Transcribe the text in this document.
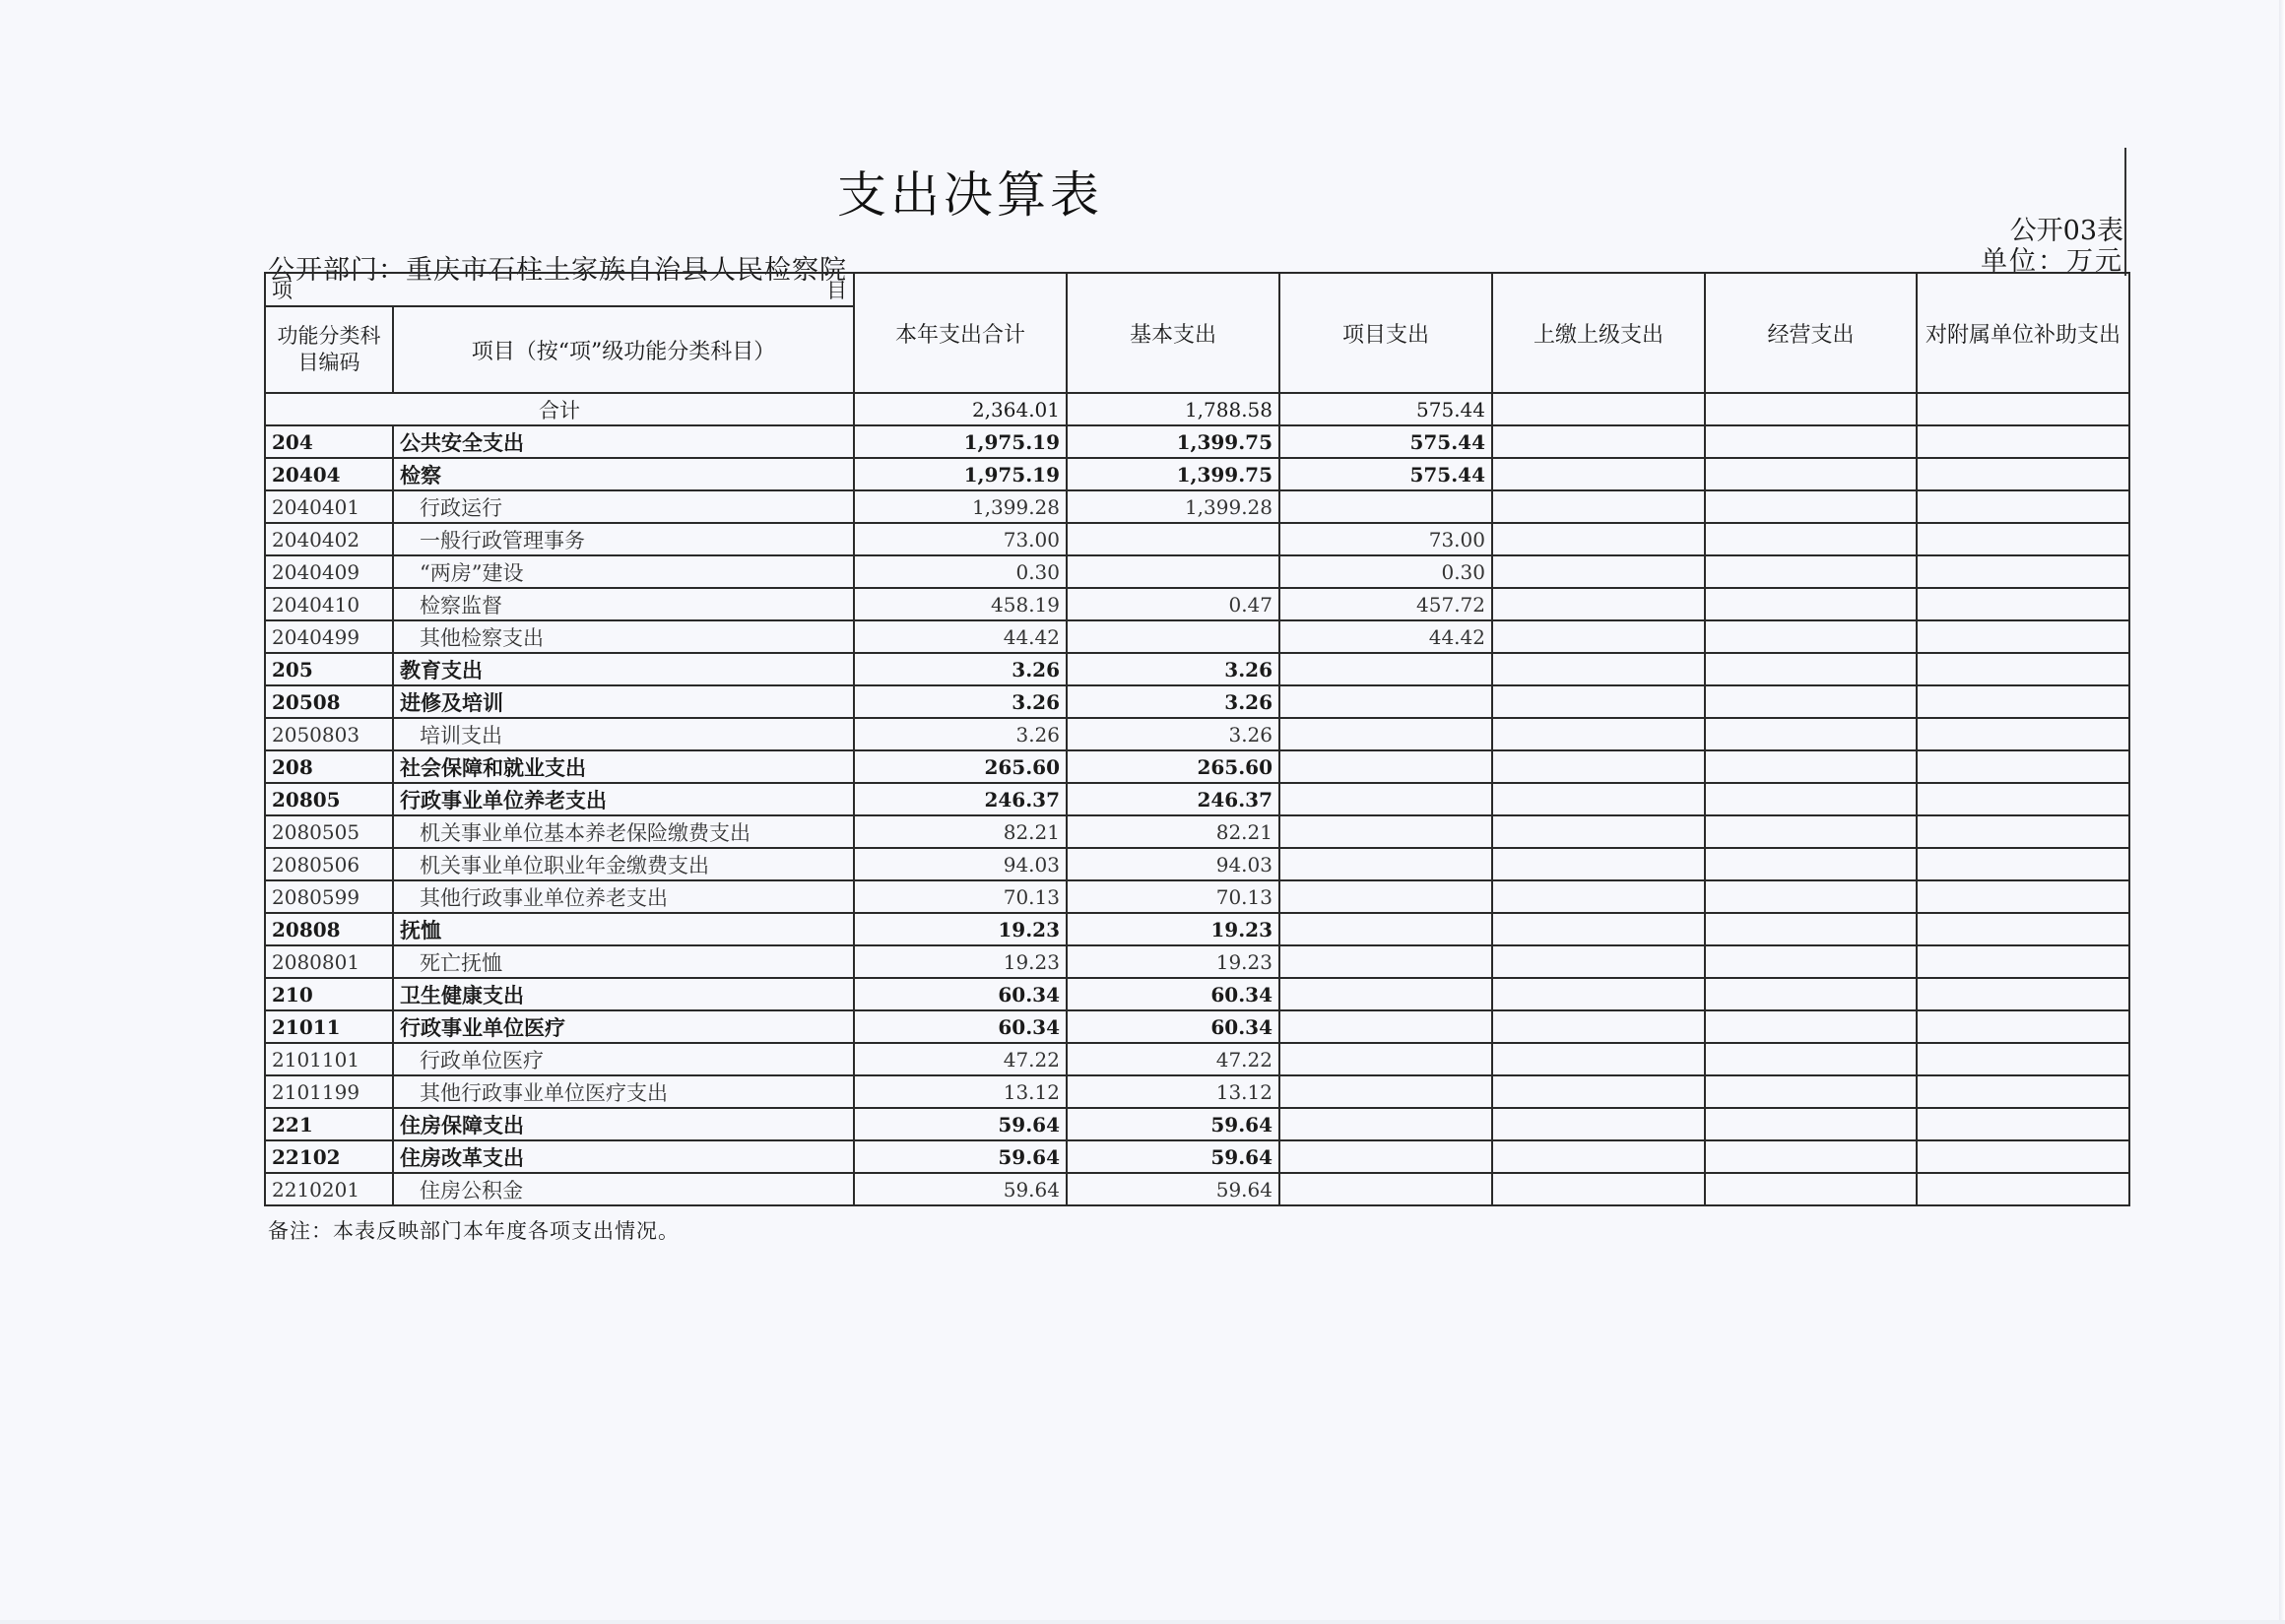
支出决算表
公开03表
单位：万元
公开部门：重庆市石柱土家族自治县人民检察院
项 目		本年支出合计	基本支出	项目支出	上缴上级支出	经营支出	对附属单位补助支出
功能分类科目编码	项目（按“项”级功能分类科目）						
合计		2,364.01	1,788.58	575.44			
204	公共安全支出	1,975.19	1,399.75	575.44			
20404	检察	1,975.19	1,399.75	575.44			
2040401	行政运行	1,399.28	1,399.28				
2040402	一般行政管理事务	73.00		73.00			
2040409	“两房”建设	0.30		0.30			
2040410	检察监督	458.19	0.47	457.72			
2040499	其他检察支出	44.42		44.42			
205	教育支出	3.26	3.26				
20508	进修及培训	3.26	3.26				
2050803	培训支出	3.26	3.26				
208	社会保障和就业支出	265.60	265.60				
20805	行政事业单位养老支出	246.37	246.37				
2080505	机关事业单位基本养老保险缴费支出	82.21	82.21				
2080506	机关事业单位职业年金缴费支出	94.03	94.03				
2080599	其他行政事业单位养老支出	70.13	70.13				
20808	抚恤	19.23	19.23				
2080801	死亡抚恤	19.23	19.23				
210	卫生健康支出	60.34	60.34				
21011	行政事业单位医疗	60.34	60.34				
2101101	行政单位医疗	47.22	47.22				
2101199	其他行政事业单位医疗支出	13.12	13.12				
221	住房保障支出	59.64	59.64				
22102	住房改革支出	59.64	59.64				
2210201	住房公积金	59.64	59.64				
备注：本表反映部门本年度各项支出情况。
